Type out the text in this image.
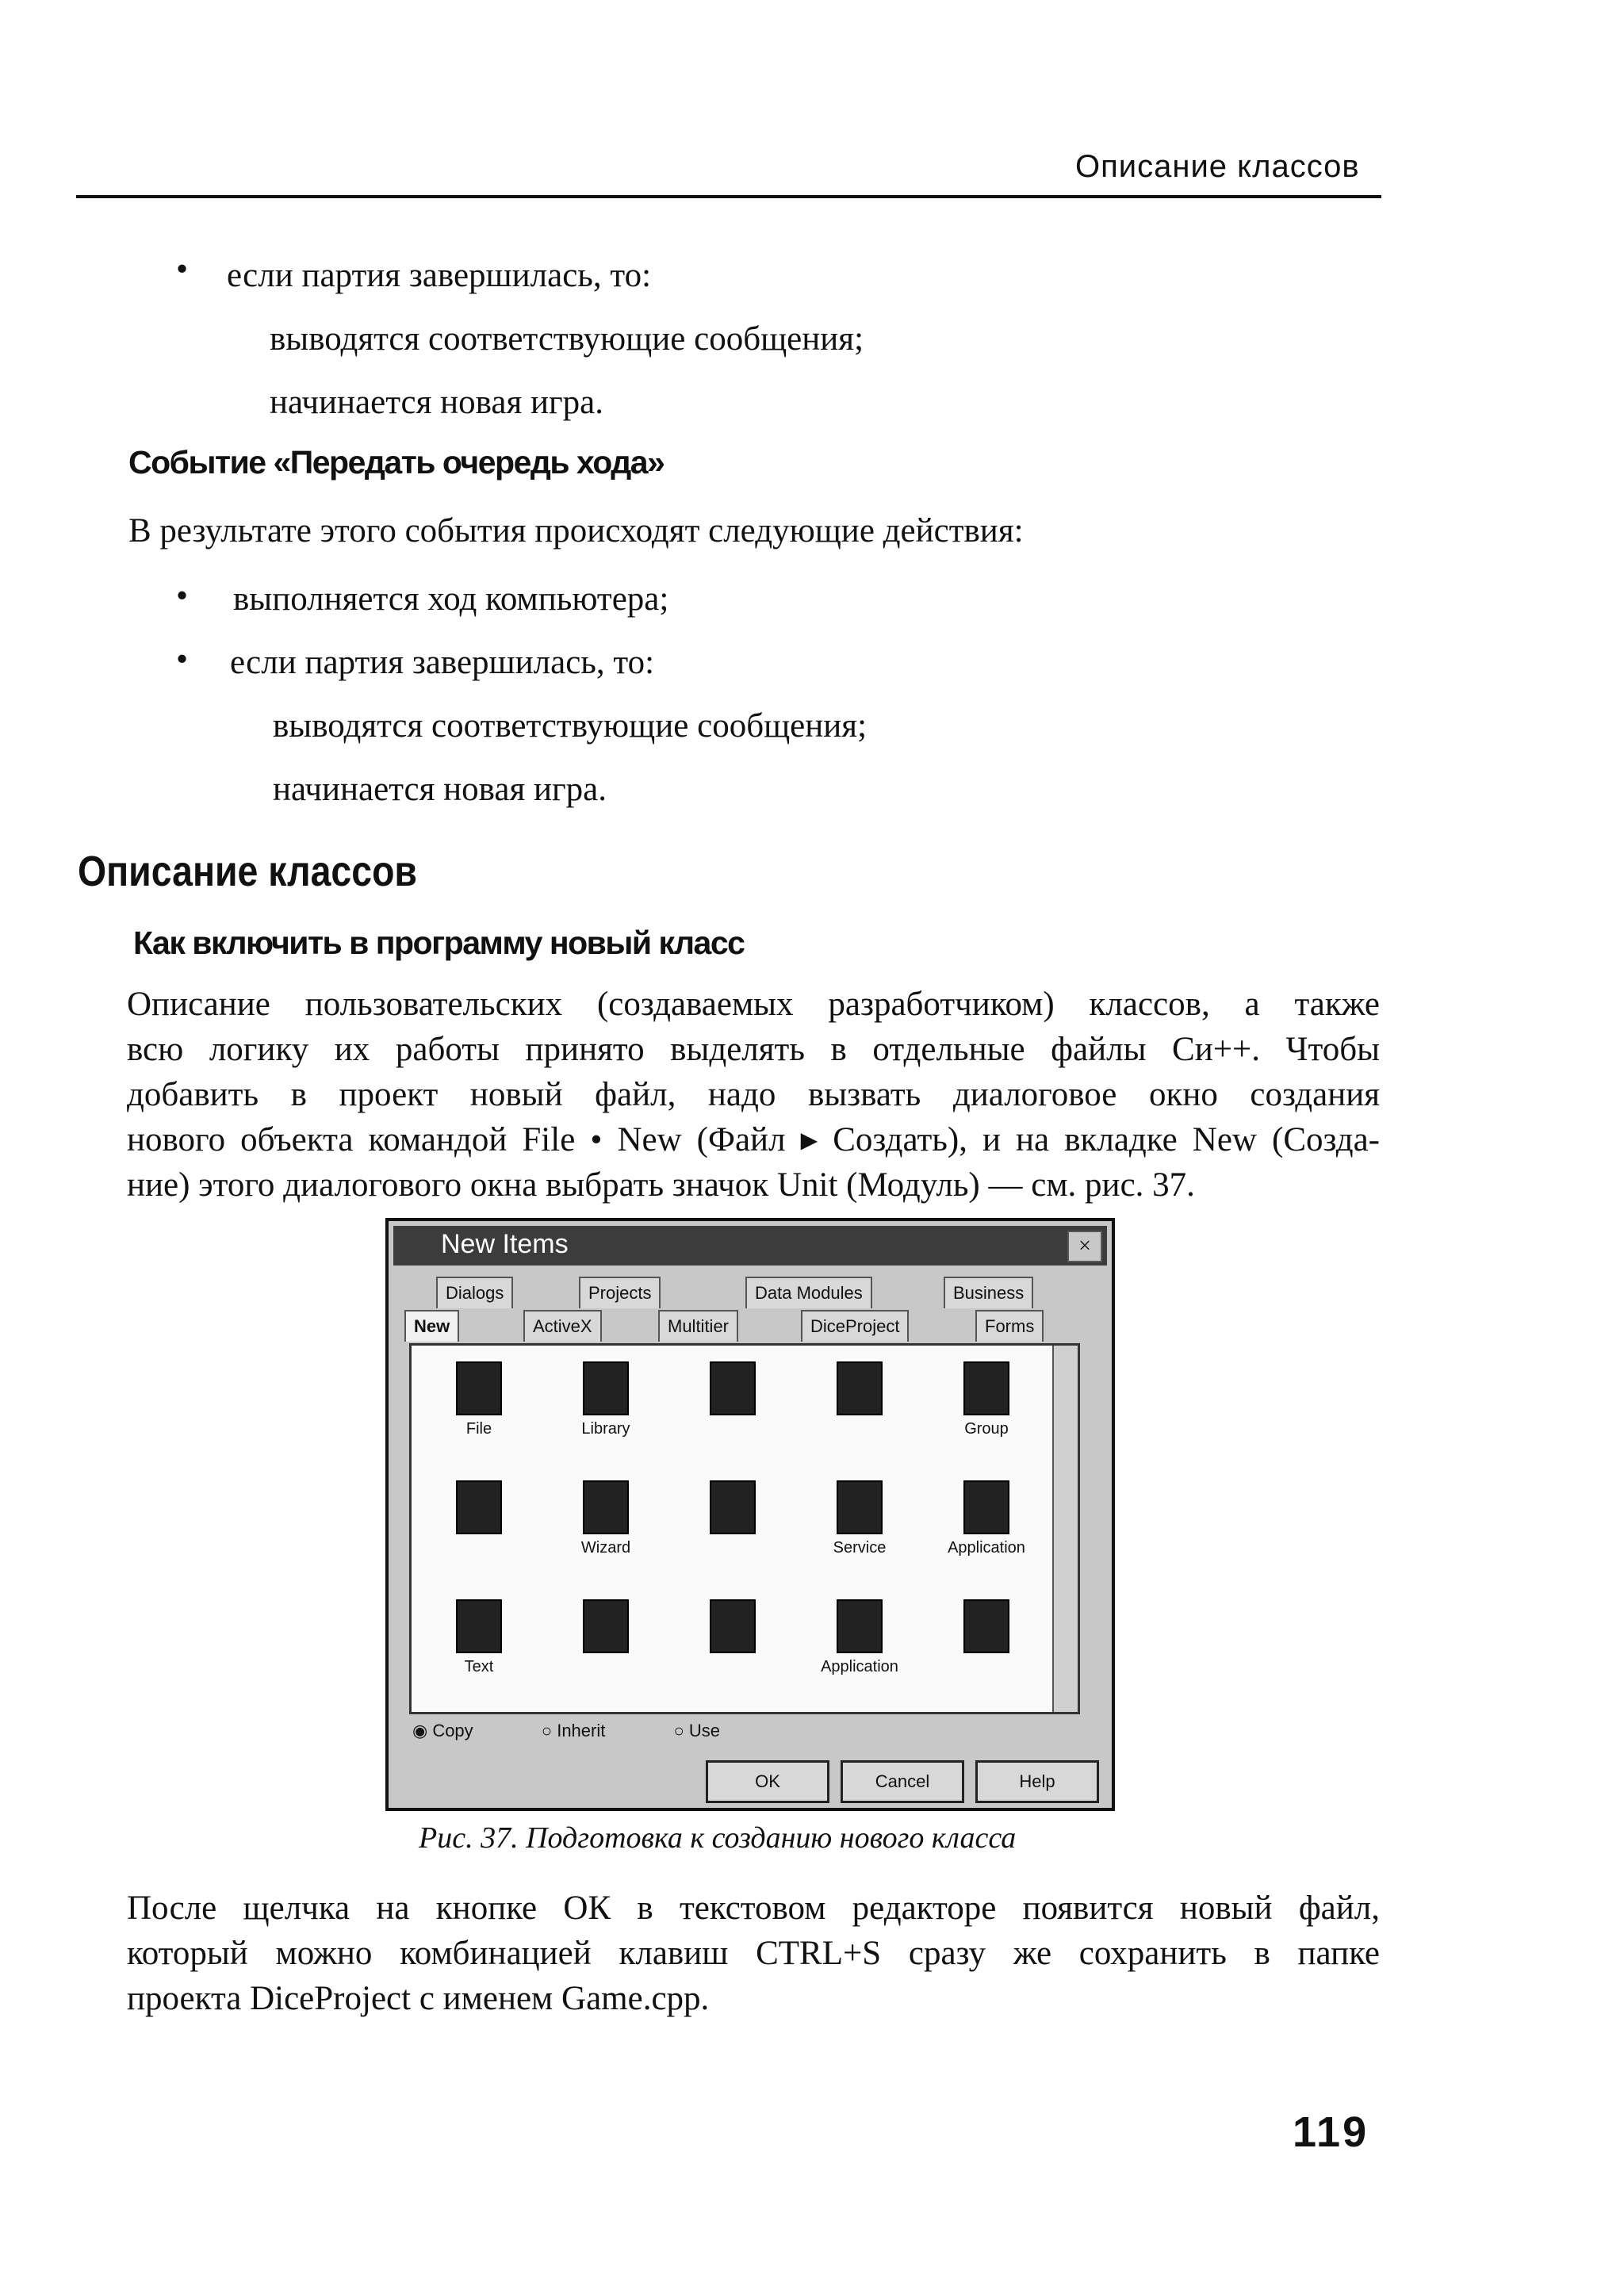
Описание классов
• если партия завершилась, то:
выводятся соответствующие сообщения;
начинается новая игра.
Событие «Передать очередь хода»
В результате этого события происходят следующие действия:
• выполняется ход компьютера;
• если партия завершилась, то:
выводятся соответствующие сообщения;
начинается новая игра.
Описание классов
Как включить в программу новый класс
Описание пользовательских (создаваемых разработчиком) классов, а также
всю логику их работы принято выделять в отдельные файлы Си++. Чтобы
добавить в проект новый файл, надо вызвать диалоговое окно создания
нового объекта командой File • New (Файл ▸ Создать), и на вкладке New (Созда-
ние) этого диалогового окна выбрать значок Unit (Модуль) — см. рис. 37.
New Items	×
Dialogs	Projects	Data Modules	Business
New	ActiveX	Multitier	DiceProject	Forms
File	Library	Group
Wizard	Service	Application
Text	Application
◉ Copy	○ Inherit	○ Use
OK	Cancel	Help
Рис. 37. Подготовка к созданию нового класса
После щелчка на кнопке ОК в текстовом редакторе появится новый файл,
который можно комбинацией клавиш CTRL+S сразу же сохранить в папке
проекта DiceProject с именем Game.cpp.
119
